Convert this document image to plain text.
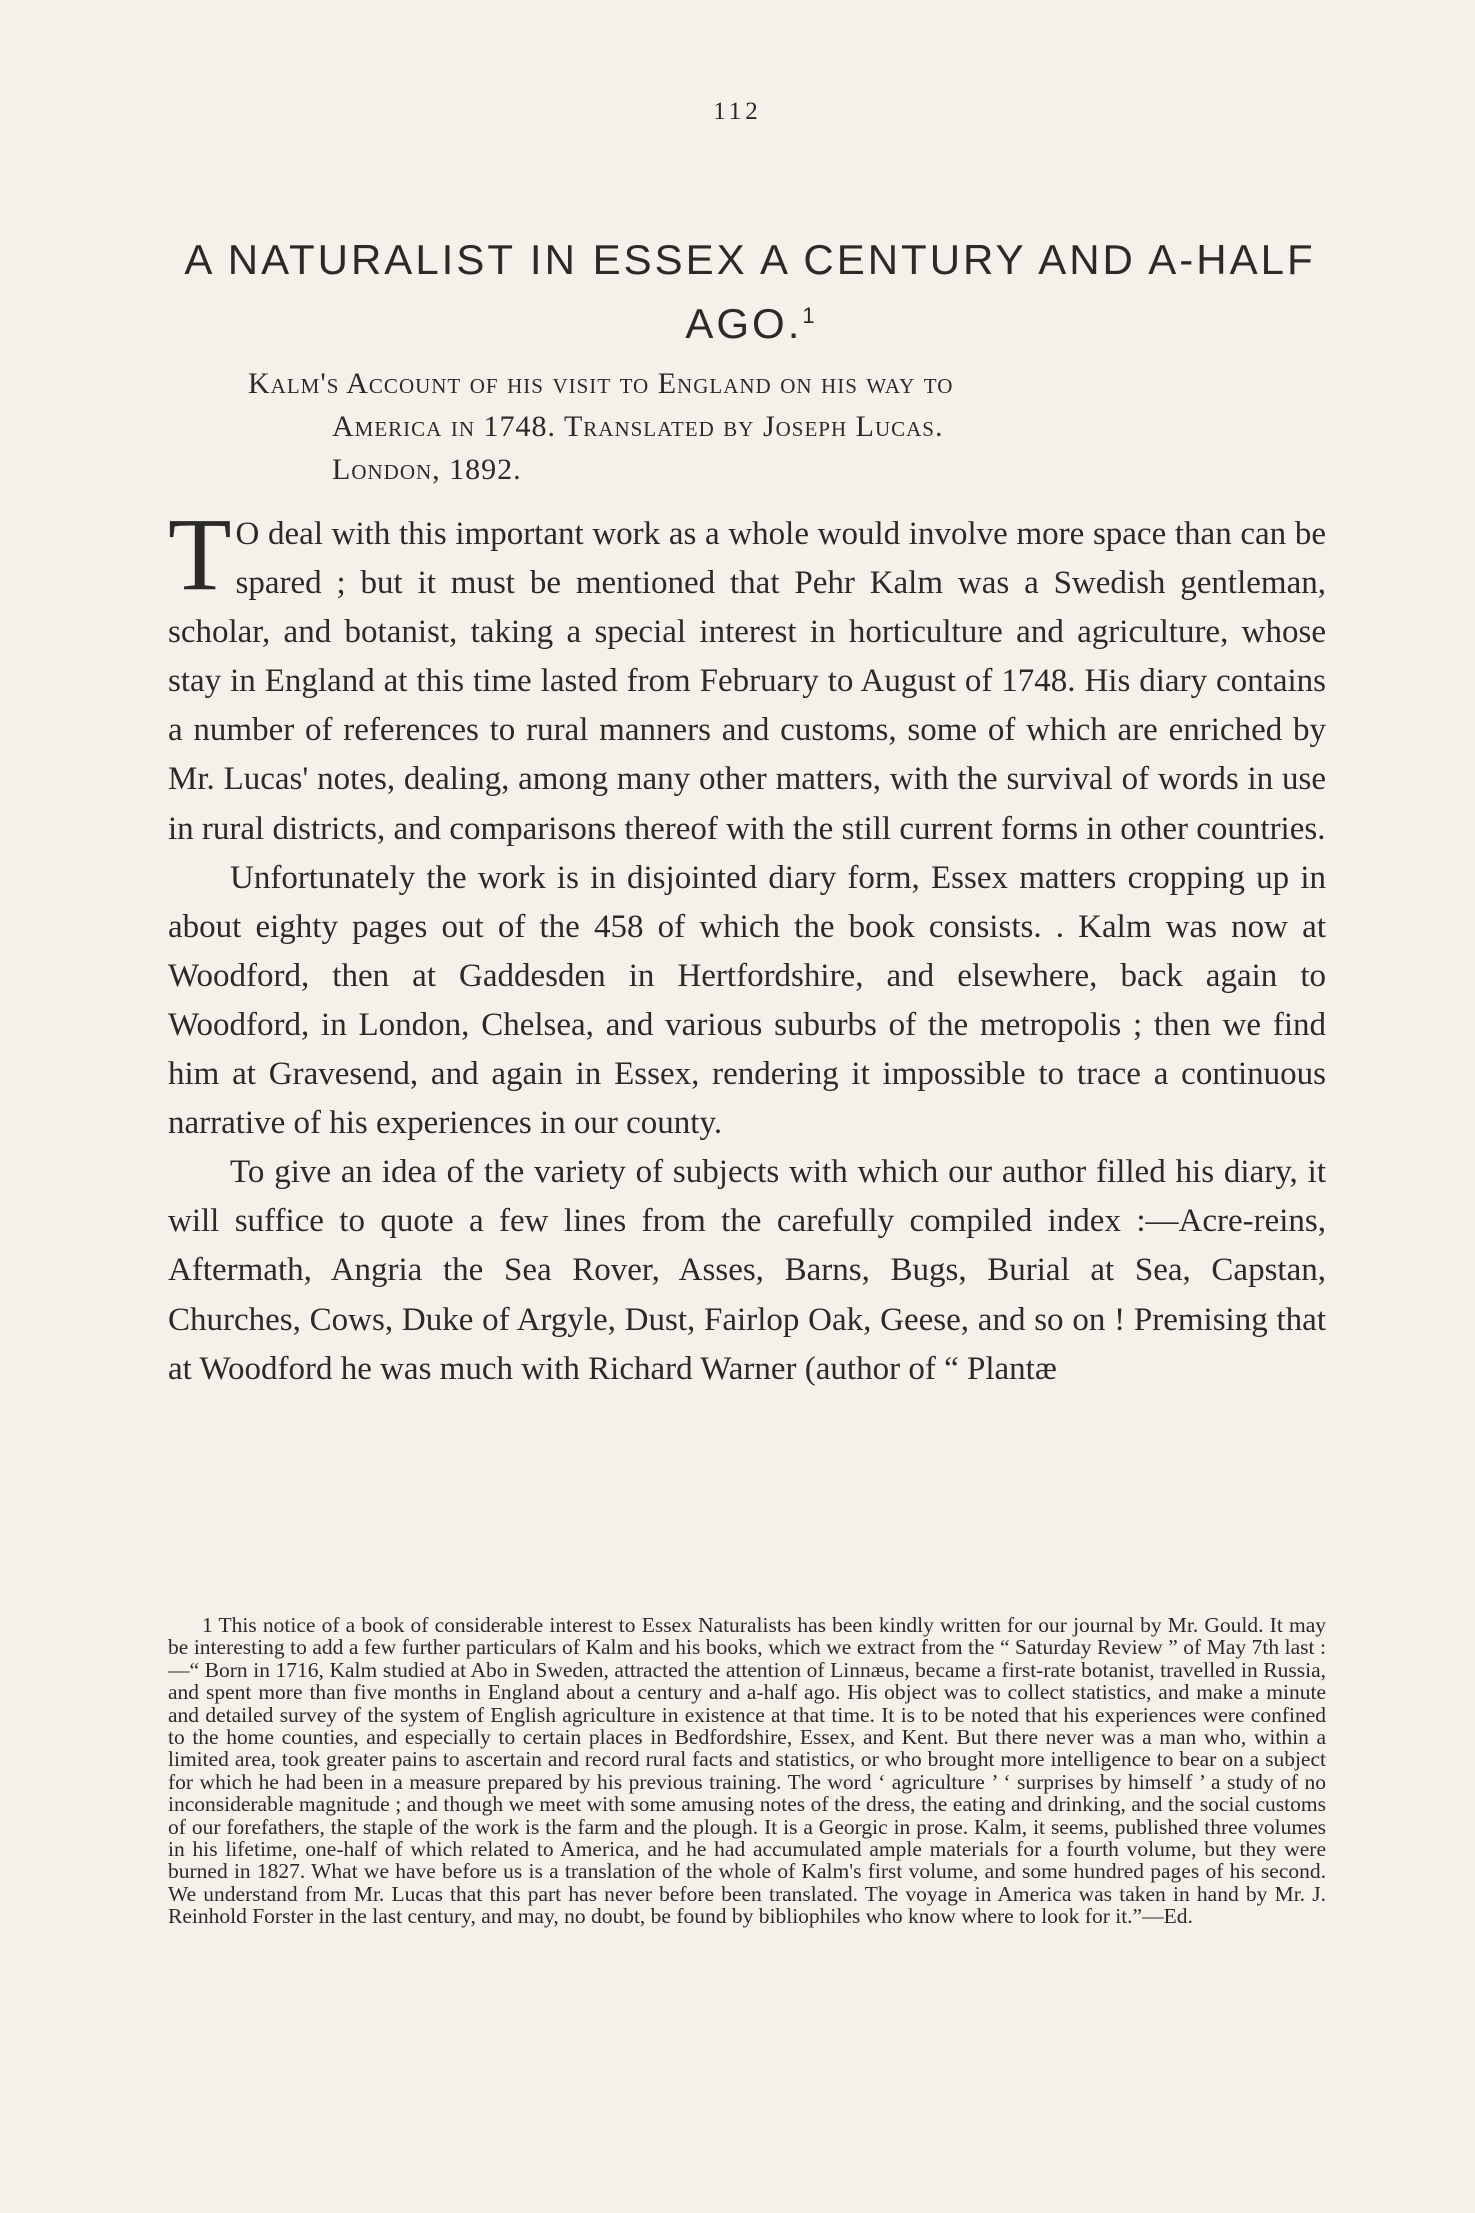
112
A NATURALIST IN ESSEX A CENTURY AND A-HALF AGO.$^1$
Kalm's Account of his visit to England on his way to
America in 1748. Translated by Joseph Lucas.
London, 1892.

T O deal with this important work as a whole would involve more space than can be spared ; but it must be mentioned that Pehr Kalm was a Swedish gentleman, scholar, and botanist, taking a special interest in horticulture and agriculture, whose stay in England at this time lasted from February to August of 1748. His diary contains a number of references to rural manners and customs, some of which are enriched by Mr. Lucas' notes, dealing, among many other matters, with the survival of words in use in rural districts, and comparisons thereof with the still current forms in other countries.

Unfortunately the work is in disjointed diary form, Essex matters cropping up in about eighty pages out of the 458 of which the book consists. . Kalm was now at Woodford, then at Gaddesden in Hertfordshire, and elsewhere, back again to Woodford, in London, Chelsea, and various suburbs of the metropolis ; then we find him at Gravesend, and again in Essex, rendering it impossible to trace a continuous narrative of his experiences in our county.

To give an idea of the variety of subjects with which our author filled his diary, it will suffice to quote a few lines from the carefully compiled index :—Acre-reins, Aftermath, Angria the Sea Rover, Asses, Barns, Bugs, Burial at Sea, Capstan, Churches, Cows, Duke of Argyle, Dust, Fairlop Oak, Geese, and so on ! Premising that at Woodford he was much with Richard Warner (author of “ Plantæ

1 This notice of a book of considerable interest to Essex Naturalists has been kindly written for our journal by Mr. Gould. It may be interesting to add a few further particulars of Kalm and his books, which we extract from the “ Saturday Review ” of May 7th last :—“ Born in 1716, Kalm studied at Abo in Sweden, attracted the attention of Linnæus, became a first-rate botanist, travelled in Russia, and spent more than five months in England about a century and a-half ago. His object was to collect statistics, and make a minute and detailed survey of the system of English agriculture in existence at that time. It is to be noted that his experiences were confined to the home counties, and especially to certain places in Bedfordshire, Essex, and Kent. But there never was a man who, within a limited area, took greater pains to ascertain and record rural facts and statistics, or who brought more intelligence to bear on a subject for which he had been in a measure prepared by his previous training. The word ‘ agriculture ’ ‘ surprises by himself ’ a study of no inconsiderable magnitude ; and though we meet with some amusing notes of the dress, the eating and drinking, and the social customs of our forefathers, the staple of the work is the farm and the plough. It is a Georgic in prose. Kalm, it seems, published three volumes in his lifetime, one-half of which related to America, and he had accumulated ample materials for a fourth volume, but they were burned in 1827. What we have before us is a translation of the whole of Kalm's first volume, and some hundred pages of his second. We understand from Mr. Lucas that this part has never before been translated. The voyage in America was taken in hand by Mr. J. Reinhold Forster in the last century, and may, no doubt, be found by bibliophiles who know where to look for it.”—Ed.
